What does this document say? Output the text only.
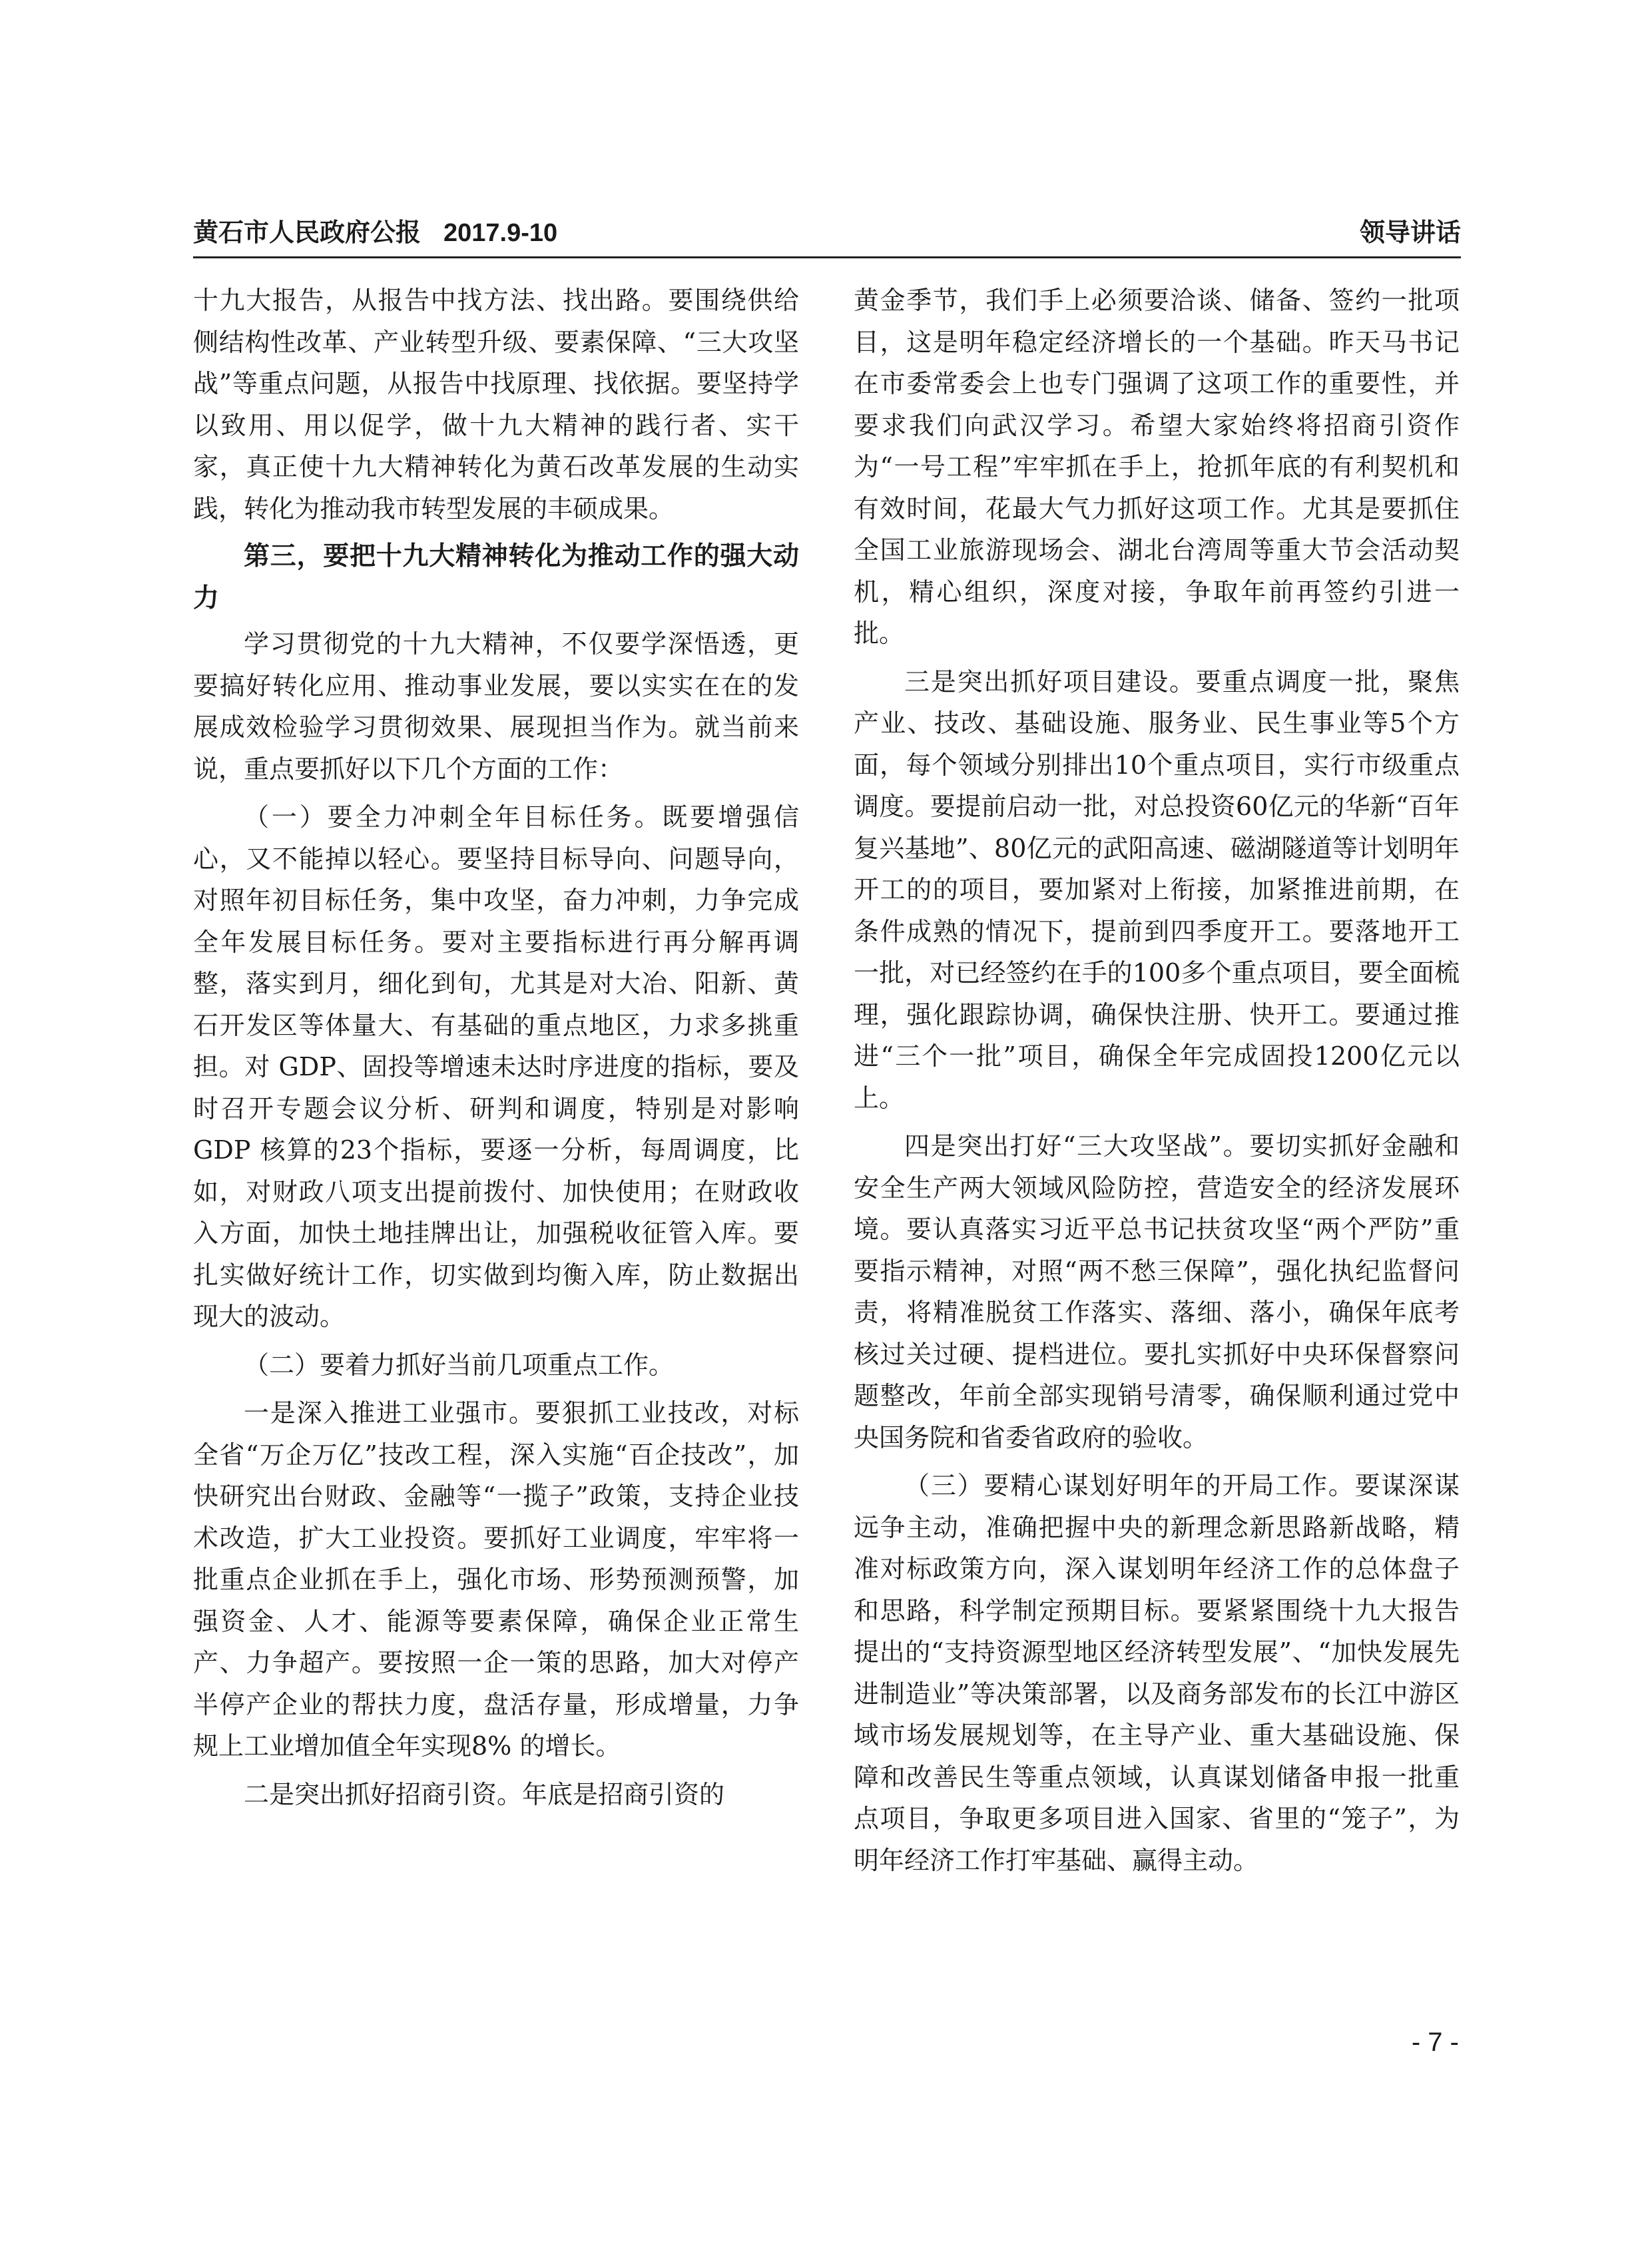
黄石市人民政府公报 2017.9-10	领导讲话

十九大报告，从报告中找方法、找出路。要围绕供给侧结构性改革、产业转型升级、要素保障、“三大攻坚战”等重点问题，从报告中找原理、找依据。要坚持学以致用、用以促学，做十九大精神的践行者、实干家，真正使十九大精神转化为黄石改革发展的生动实践，转化为推动我市转型发展的丰硕成果。

第三，要把十九大精神转化为推动工作的强大动力

学习贯彻党的十九大精神，不仅要学深悟透，更要搞好转化应用、推动事业发展，要以实实在在的发展成效检验学习贯彻效果、展现担当作为。就当前来说，重点要抓好以下几个方面的工作：

（一）要全力冲刺全年目标任务。既要增强信心，又不能掉以轻心。要坚持目标导向、问题导向，对照年初目标任务，集中攻坚，奋力冲刺，力争完成全年发展目标任务。要对主要指标进行再分解再调整，落实到月，细化到旬，尤其是对大冶、阳新、黄石开发区等体量大、有基础的重点地区，力求多挑重担。对 GDP、固投等增速未达时序进度的指标，要及时召开专题会议分析、研判和调度，特别是对影响 GDP 核算的23个指标，要逐一分析，每周调度，比如，对财政八项支出提前拨付、加快使用；在财政收入方面，加快土地挂牌出让，加强税收征管入库。要扎实做好统计工作，切实做到均衡入库，防止数据出现大的波动。

（二）要着力抓好当前几项重点工作。

一是深入推进工业强市。要狠抓工业技改，对标全省“万企万亿”技改工程，深入实施“百企技改”，加快研究出台财政、金融等“一揽子”政策，支持企业技术改造，扩大工业投资。要抓好工业调度，牢牢将一批重点企业抓在手上，强化市场、形势预测预警，加强资金、人才、能源等要素保障，确保企业正常生产、力争超产。要按照一企一策的思路，加大对停产半停产企业的帮扶力度，盘活存量，形成增量，力争规上工业增加值全年实现8% 的增长。

二是突出抓好招商引资。年底是招商引资的

黄金季节，我们手上必须要洽谈、储备、签约一批项目，这是明年稳定经济增长的一个基础。昨天马书记在市委常委会上也专门强调了这项工作的重要性，并要求我们向武汉学习。希望大家始终将招商引资作为“一号工程”牢牢抓在手上，抢抓年底的有利契机和有效时间，花最大气力抓好这项工作。尤其是要抓住全国工业旅游现场会、湖北台湾周等重大节会活动契机，精心组织，深度对接，争取年前再签约引进一批。

三是突出抓好项目建设。要重点调度一批，聚焦产业、技改、基础设施、服务业、民生事业等5个方面，每个领域分别排出10个重点项目，实行市级重点调度。要提前启动一批，对总投资60亿元的华新“百年复兴基地”、80亿元的武阳高速、磁湖隧道等计划明年开工的的项目，要加紧对上衔接，加紧推进前期，在条件成熟的情况下，提前到四季度开工。要落地开工一批，对已经签约在手的100多个重点项目，要全面梳理，强化跟踪协调，确保快注册、快开工。要通过推进“三个一批”项目，确保全年完成固投1200亿元以上。

四是突出打好“三大攻坚战”。要切实抓好金融和安全生产两大领域风险防控，营造安全的经济发展环境。要认真落实习近平总书记扶贫攻坚“两个严防”重要指示精神，对照“两不愁三保障”，强化执纪监督问责，将精准脱贫工作落实、落细、落小，确保年底考核过关过硬、提档进位。要扎实抓好中央环保督察问题整改，年前全部实现销号清零，确保顺利通过党中央国务院和省委省政府的验收。

（三）要精心谋划好明年的开局工作。要谋深谋远争主动，准确把握中央的新理念新思路新战略，精准对标政策方向，深入谋划明年经济工作的总体盘子和思路，科学制定预期目标。要紧紧围绕十九大报告提出的“支持资源型地区经济转型发展”、“加快发展先进制造业”等决策部署，以及商务部发布的长江中游区域市场发展规划等，在主导产业、重大基础设施、保障和改善民生等重点领域，认真谋划储备申报一批重点项目，争取更多项目进入国家、省里的“笼子”，为明年经济工作打牢基础、赢得主动。

- 7 -
